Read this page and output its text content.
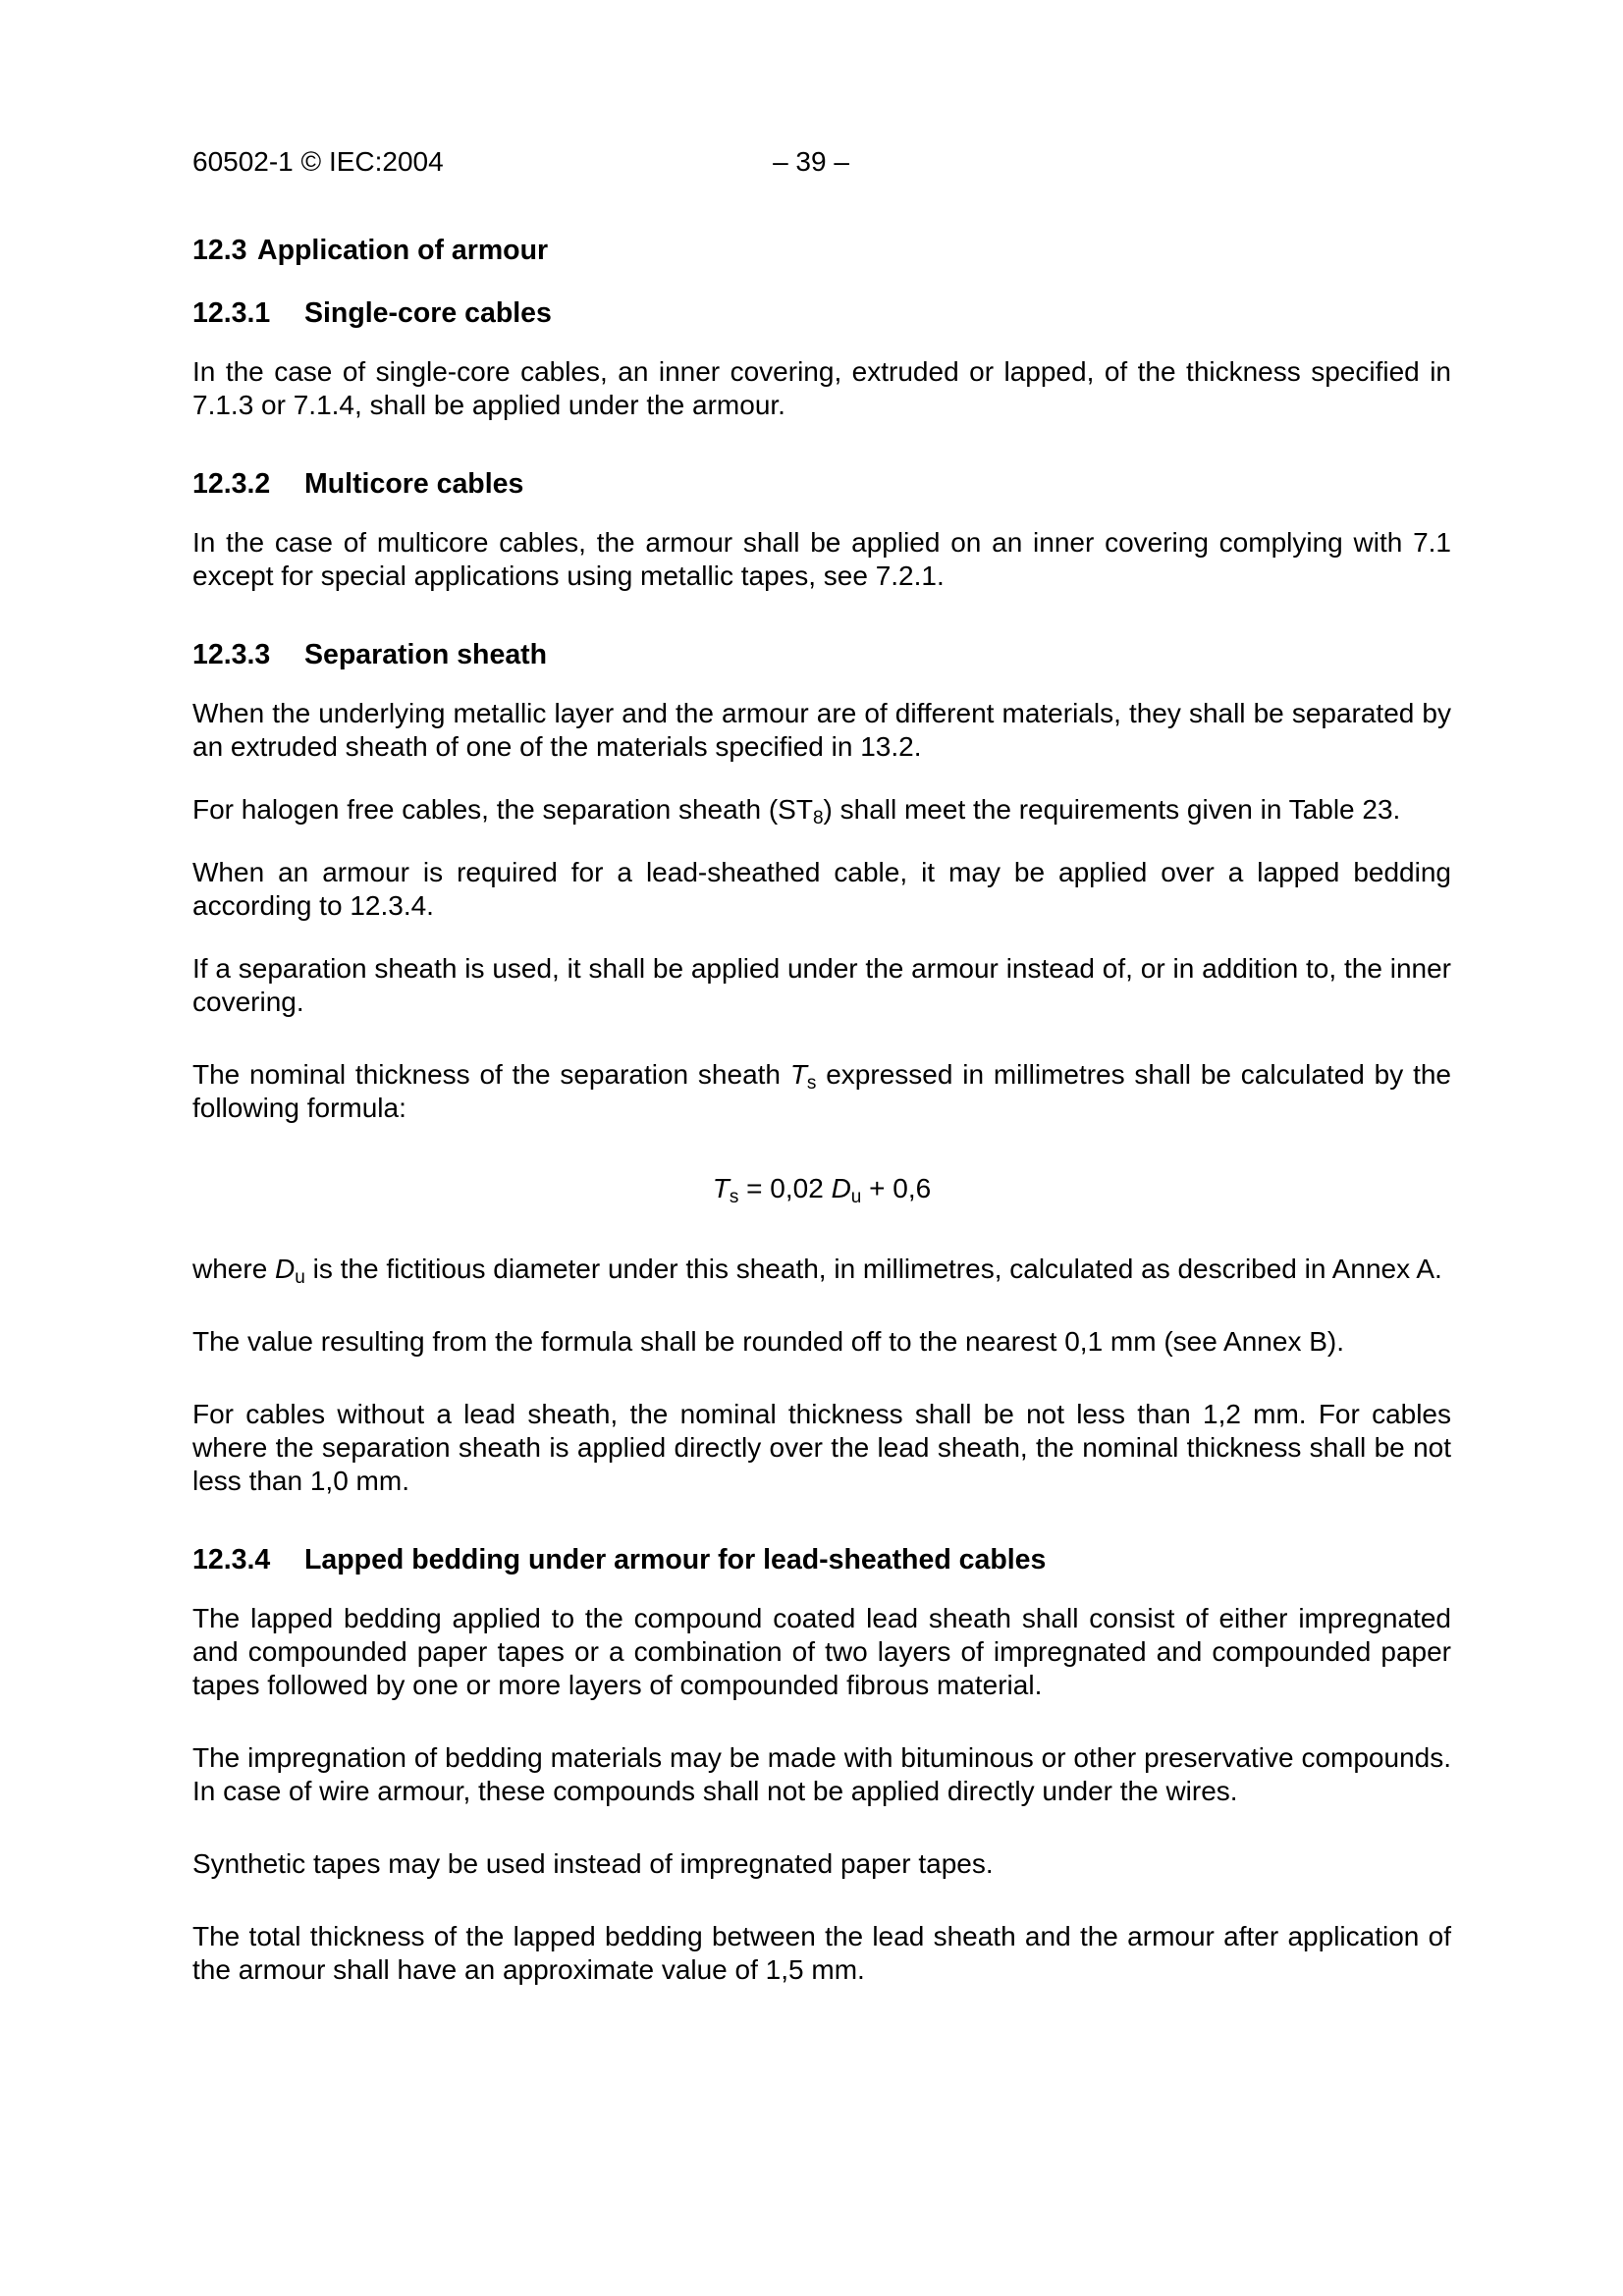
60502-1 © IEC:2004	– 39 –
12.3 Application of armour
12.3.1 Single-core cables

In the case of single-core cables, an inner covering, extruded or lapped, of the thickness specified in 7.1.3 or 7.1.4, shall be applied under the armour.

12.3.2 Multicore cables

In the case of multicore cables, the armour shall be applied on an inner covering complying with 7.1 except for special applications using metallic tapes, see 7.2.1.

12.3.3 Separation sheath

When the underlying metallic layer and the armour are of different materials, they shall be separated by an extruded sheath of one of the materials specified in 13.2.

For halogen free cables, the separation sheath $(ST_8)$ shall meet the requirements given in Table 23.

When an armour is required for a lead-sheathed cable, it may be applied over a lapped bedding according to 12.3.4.

If a separation sheath is used, it shall be applied under the armour instead of, or in addition to, the inner covering.

The nominal thickness of the separation sheath $T_s$ expressed in millimetres shall be calculated by the following formula:

$T_s = 0,02$ $D_u + 0,6$

where $D_u$ is the fictitious diameter under this sheath, in millimetres, calculated as described in Annex A.

The value resulting from the formula shall be rounded off to the nearest 0,1 mm (see Annex B).

For cables without a lead sheath, the nominal thickness shall be not less than 1,2 mm. For cables where the separation sheath is applied directly over the lead sheath, the nominal thickness shall be not less than 1,0 mm.

12.3.4 Lapped bedding under armour for lead-sheathed cables

The lapped bedding applied to the compound coated lead sheath shall consist of either impregnated and compounded paper tapes or a combination of two layers of impregnated and compounded paper tapes followed by one or more layers of compounded fibrous material.

The impregnation of bedding materials may be made with bituminous or other preservative compounds. In case of wire armour, these compounds shall not be applied directly under the wires.

Synthetic tapes may be used instead of impregnated paper tapes.

The total thickness of the lapped bedding between the lead sheath and the armour after application of the armour shall have an approximate value of 1,5 mm.
